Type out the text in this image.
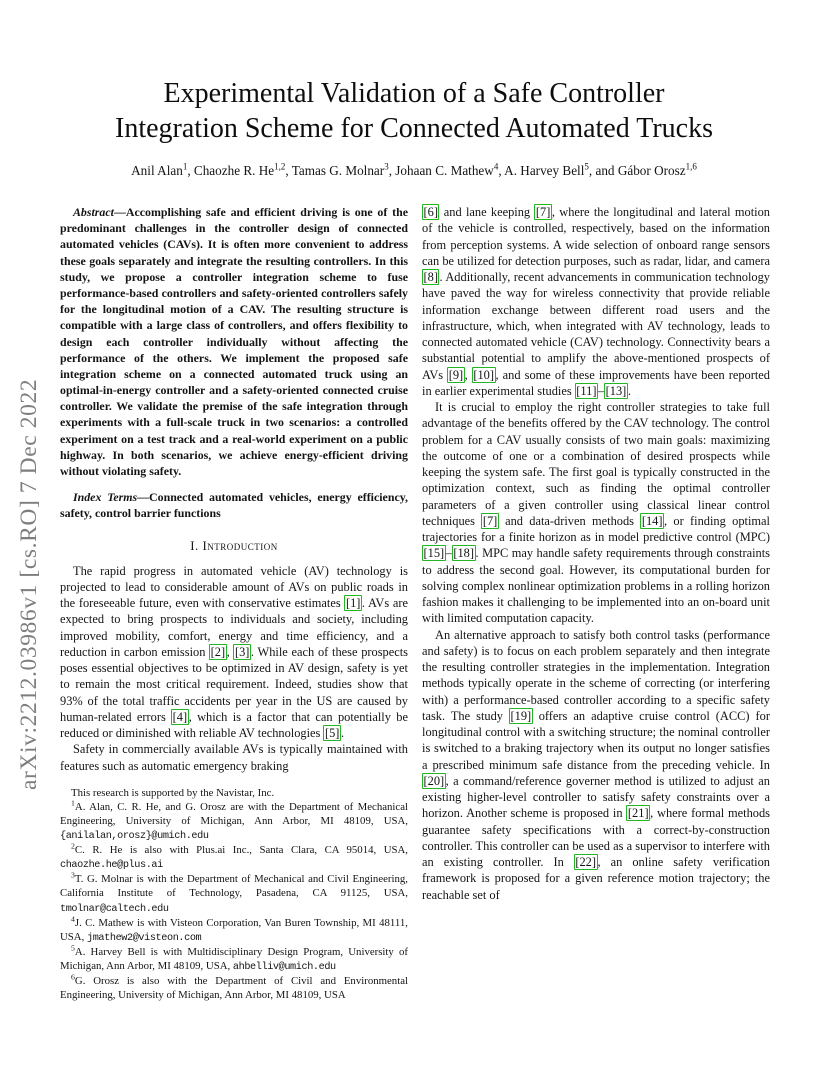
arXiv:2212.03986v1 [cs.RO] 7 Dec 2022
Experimental Validation of a Safe Controller Integration Scheme for Connected Automated Trucks
Anil Alan$^1$, Chaozhe R. He$^{1,2}$, Tamas G. Molnar$^3$, Johaan C. Mathew$^4$, A. Harvey Bell$^5$, and Gábor Orosz$^{1,6}$

Abstract—Accomplishing safe and efficient driving is one of the predominant challenges in the controller design of connected automated vehicles (CAVs). It is often more convenient to address these goals separately and integrate the resulting controllers. In this study, we propose a controller integration scheme to fuse performance-based controllers and safety-oriented controllers safely for the longitudinal motion of a CAV. The resulting structure is compatible with a large class of controllers, and offers flexibility to design each controller individually without affecting the performance of the others. We implement the proposed safe integration scheme on a connected automated truck using an optimal-in-energy controller and a safety-oriented connected cruise controller. We validate the premise of the safe integration through experiments with a full-scale truck in two scenarios: a controlled experiment on a test track and a real-world experiment on a public highway. In both scenarios, we achieve energy-efficient driving without violating safety.

Index Terms—Connected automated vehicles, energy efficiency, safety, control barrier functions

I. Introduction

The rapid progress in automated vehicle (AV) technology is projected to lead to considerable amount of AVs on public roads in the foreseeable future, even with conservative estimates [1] . AVs are expected to bring prospects to individuals and society, including improved mobility, comfort, energy and time efficiency, and a reduction in carbon emission [2] , [3] . While each of these prospects poses essential objectives to be optimized in AV design, safety is yet to remain the most critical requirement. Indeed, studies show that 93% of the total traffic accidents per year in the US are caused by human-related errors [4] , which is a factor that can potentially be reduced or diminished with reliable AV technologies [5] .

Safety in commercially available AVs is typically maintained with features such as automatic emergency braking

This research is supported by the Navistar, Inc.

$^1$A. Alan, C. R. He, and G. Orosz are with the Department of Mechanical Engineering, University of Michigan, Ann Arbor, MI 48109, USA, {anilalan,orosz}@umich.edu

$^2$C. R. He is also with Plus.ai Inc., Santa Clara, CA 95014, USA, chaozhe.he@plus.ai

$^3$T. G. Molnar is with the Department of Mechanical and Civil Engineering, California Institute of Technology, Pasadena, CA 91125, USA, tmolnar@caltech.edu

$^4$J. C. Mathew is with Visteon Corporation, Van Buren Township, MI 48111, USA, jmathew2@visteon.com

$^5$A. Harvey Bell is with Multidisciplinary Design Program, University of Michigan, Ann Arbor, MI 48109, USA, ahbelliv@umich.edu

$^6$G. Orosz is also with the Department of Civil and Environmental Engineering, University of Michigan, Ann Arbor, MI 48109, USA

[6] and lane keeping [7] , where the longitudinal and lateral motion of the vehicle is controlled, respectively, based on the information from perception systems. A wide selection of onboard range sensors can be utilized for detection purposes, such as radar, lidar, and camera [8] . Additionally, recent advancements in communication technology have paved the way for wireless connectivity that provide reliable information exchange between different road users and the infrastructure, which, when integrated with AV technology, leads to connected automated vehicle (CAV) technology. Connectivity bears a substantial potential to amplify the above-mentioned prospects of AVs [9] , [10] , and some of these improvements have been reported in earlier experimental studies [11] – [13] .

It is crucial to employ the right controller strategies to take full advantage of the benefits offered by the CAV technology. The control problem for a CAV usually consists of two main goals: maximizing the outcome of one or a combination of desired prospects while keeping the system safe. The first goal is typically constructed in the optimization context, such as finding the optimal controller parameters of a given controller using classical linear control techniques [7] and data-driven methods [14] , or finding optimal trajectories for a finite horizon as in model predictive control (MPC) [15] – [18] . MPC may handle safety requirements through constraints to address the second goal. However, its computational burden for solving complex nonlinear optimization problems in a rolling horizon fashion makes it challenging to be implemented into an on-board unit with limited computation capacity.

An alternative approach to satisfy both control tasks (performance and safety) is to focus on each problem separately and then integrate the resulting controller strategies in the implementation. Integration methods typically operate in the scheme of correcting (or interfering with) a performance-based controller according to a specific safety task. The study [19] offers an adaptive cruise control (ACC) for longitudinal control with a switching structure; the nominal controller is switched to a braking trajectory when its output no longer satisfies a prescribed minimum safe distance from the preceding vehicle. In [20] , a command/reference governer method is utilized to adjust an existing higher-level controller to satisfy safety constraints over a horizon. Another scheme is proposed in [21] , where formal methods guarantee safety specifications with a correct-by-construction controller. This controller can be used as a supervisor to interfere with an existing controller. In [22] , an online safety verification framework is proposed for a given reference motion trajectory; the reachable set of
